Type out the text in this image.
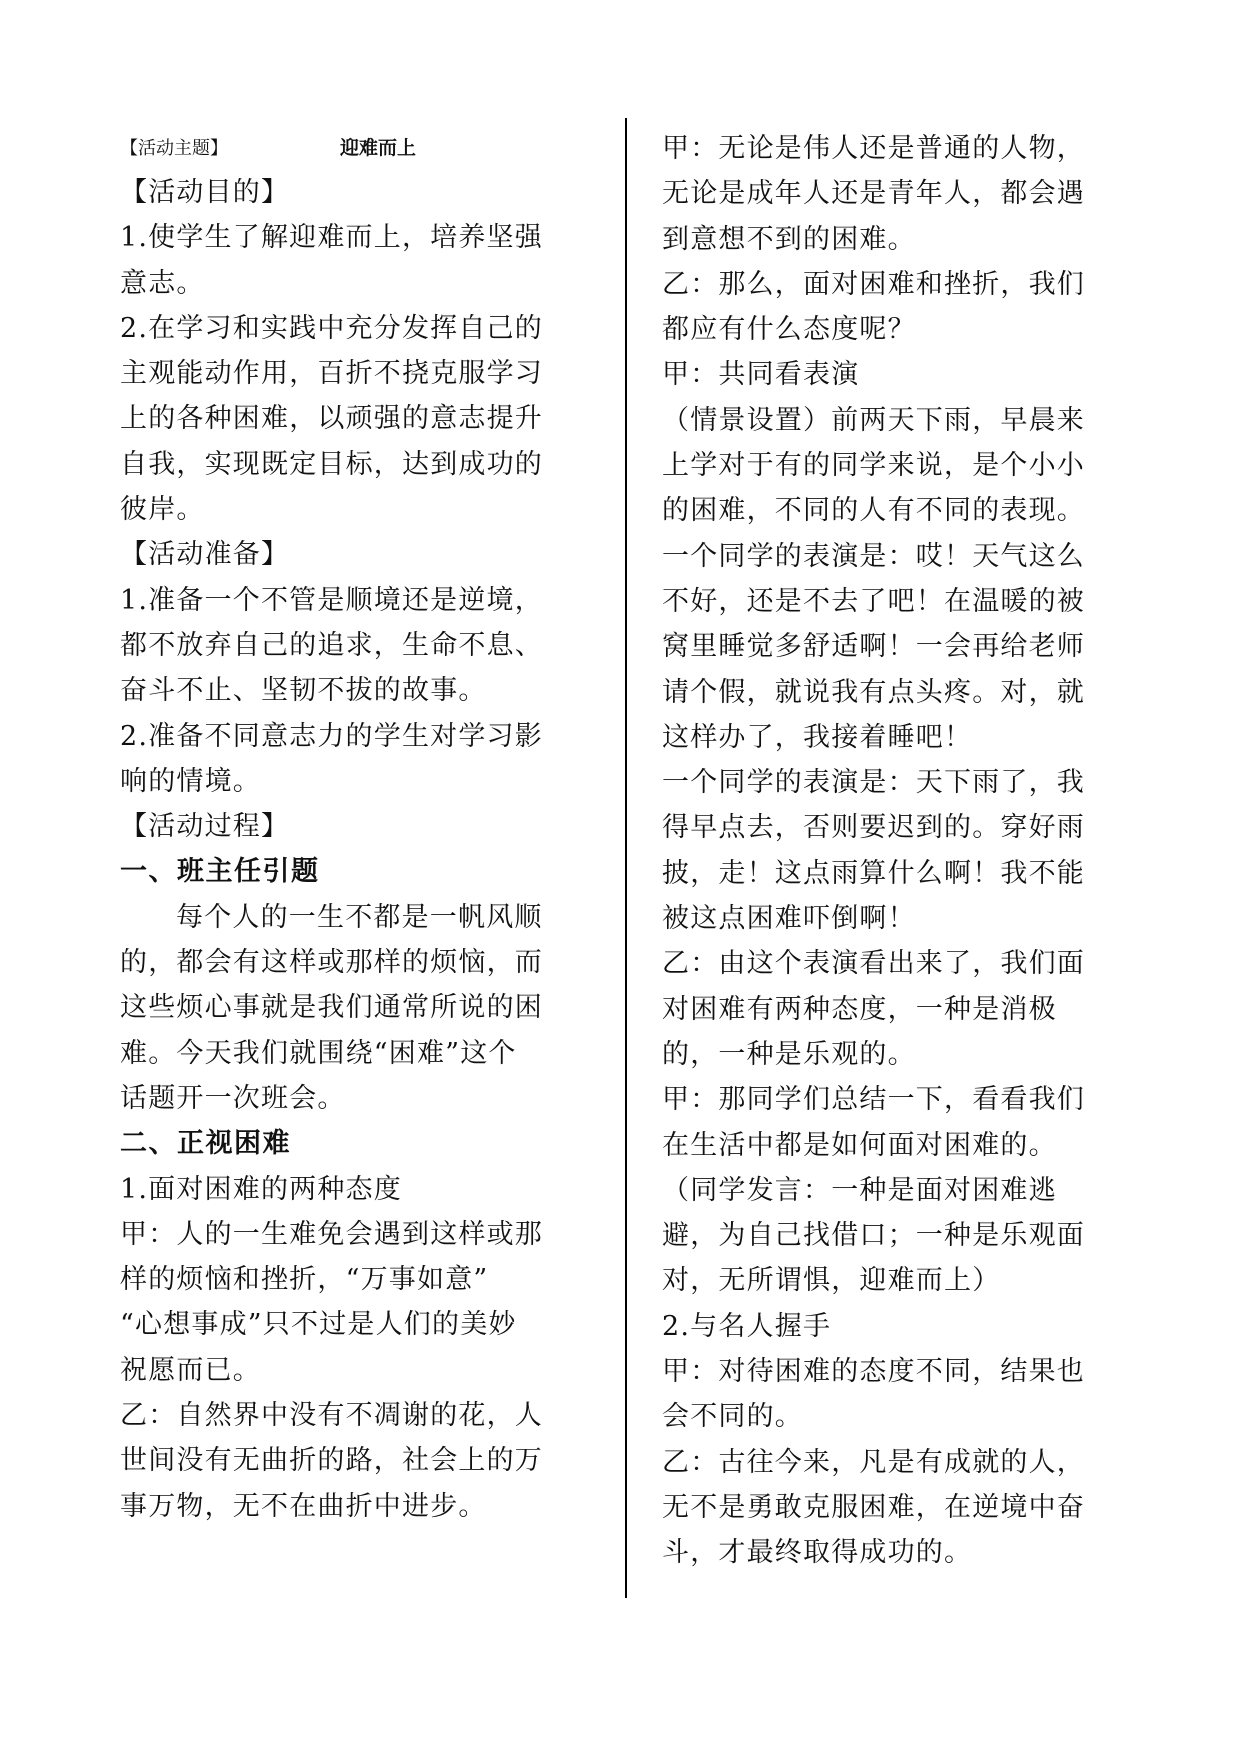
【活动主题】	迎难而上
【活动目的】
1.使学生了解迎难而上，培养坚强
意志。
2.在学习和实践中充分发挥自己的
主观能动作用，百折不挠克服学习
上的各种困难，以顽强的意志提升
自我，实现既定目标，达到成功的
彼岸。
【活动准备】
1.准备一个不管是顺境还是逆境，
都不放弃自己的追求，生命不息、
奋斗不止、坚韧不拔的故事。
2.准备不同意志力的学生对学习影
响的情境。
【活动过程】
一、班主任引题
每个人的一生不都是一帆风顺
的，都会有这样或那样的烦恼，而
这些烦心事就是我们通常所说的困
难。今天我们就围绕“困难”这个
话题开一次班会。
二、正视困难
1.面对困难的两种态度
甲：人的一生难免会遇到这样或那
样的烦恼和挫折，“万事如意”
“心想事成”只不过是人们的美妙
祝愿而已。
乙：自然界中没有不凋谢的花，人
世间没有无曲折的路，社会上的万
事万物，无不在曲折中进步。
甲：无论是伟人还是普通的人物，
无论是成年人还是青年人，都会遇
到意想不到的困难。
乙：那么，面对困难和挫折，我们
都应有什么态度呢？
甲：共同看表演
（情景设置）前两天下雨，早晨来
上学对于有的同学来说，是个小小
的困难，不同的人有不同的表现。
一个同学的表演是：哎！天气这么
不好，还是不去了吧！在温暖的被
窝里睡觉多舒适啊！一会再给老师
请个假，就说我有点头疼。对，就
这样办了，我接着睡吧！
一个同学的表演是：天下雨了，我
得早点去，否则要迟到的。穿好雨
披，走！这点雨算什么啊！我不能
被这点困难吓倒啊！
乙：由这个表演看出来了，我们面
对困难有两种态度，一种是消极
的，一种是乐观的。
甲：那同学们总结一下，看看我们
在生活中都是如何面对困难的。
（同学发言：一种是面对困难逃
避，为自己找借口；一种是乐观面
对，无所谓惧，迎难而上）
2.与名人握手
甲：对待困难的态度不同，结果也
会不同的。
乙：古往今来，凡是有成就的人，
无不是勇敢克服困难，在逆境中奋
斗，才最终取得成功的。
